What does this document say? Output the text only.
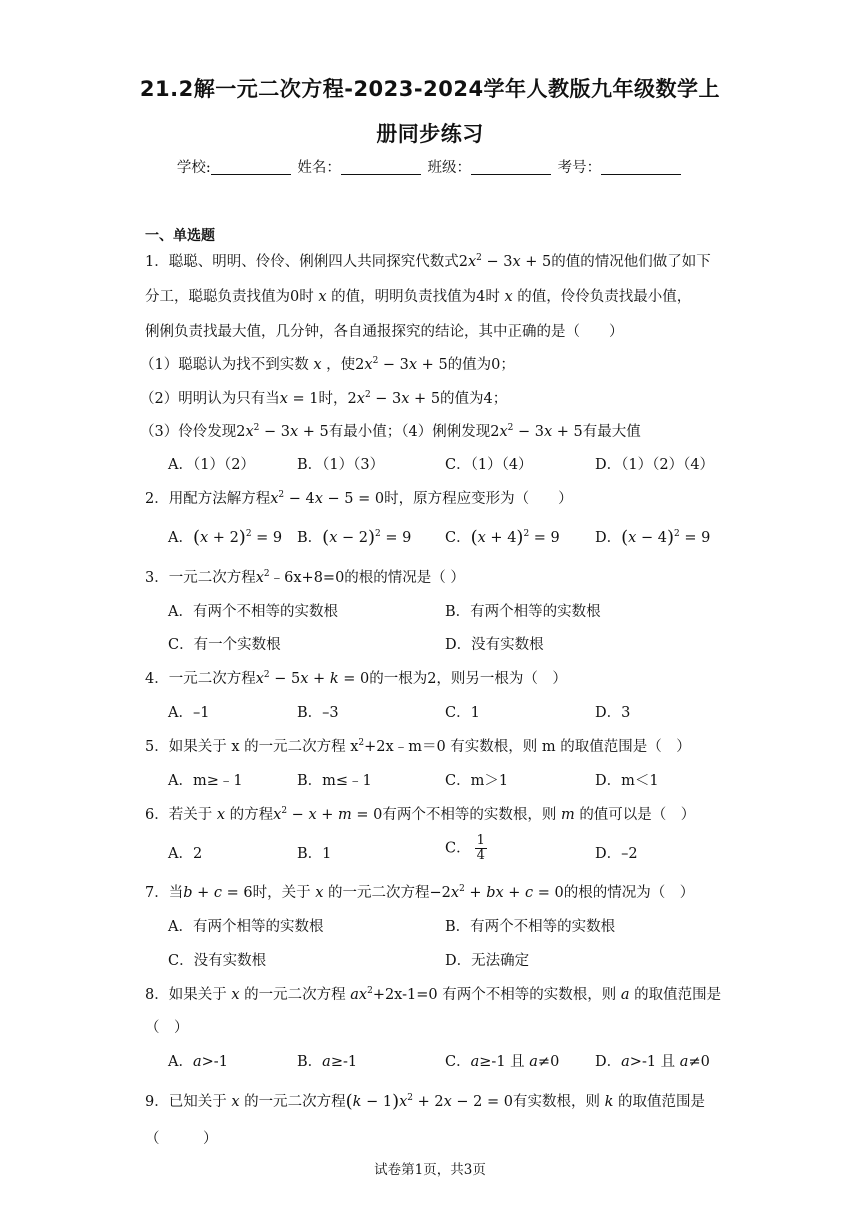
21.2解一元二次方程-2023-2024学年人教版九年级数学上
册同步练习
学校:	姓名：	班级：	考号：
一、单选题
1．聪聪、明明、伶伶、俐俐四人共同探究代数式$2x^2 - 3x + 5$的值的情况他们做了如下
分工，聪聪负责找值为0时 x 的值，明明负责找值为4时 x 的值，伶伶负责找最小值，
俐俐负责找最大值，几分钟，各自通报探究的结论，其中正确的是（　　）
（1）聪聪认为找不到实数 x ，使$2x^2 - 3x + 5$的值为0；
（2）明明认为只有当x = 1时，$2x^2 - 3x + 5$的值为4；
（3）伶伶发现$2x^2 - 3x + 5$有最小值；（4）俐俐发现$2x^2 - 3x + 5$有最大值
A．（1）（2）	B．（1）（3）	C．（1）（4）	D．（1）（2）（4）
2．用配方法解方程$x^2 - 4x - 5 = 0$时，原方程应变形为（　　）
A．$(x + 2)^2 = 9$ B．$(x - 2)^2 = 9$ C．$(x + 4)^2 = 9$ D．$(x - 4)^2 = 9$
3．一元二次方程$x^2﹣6x+8=0$的根的情况是（ ）
A．有两个不相等的实数根	B．有两个相等的实数根
C．有一个实数根	D．没有实数根
4．一元二次方程$x^2 - 5x + k = 0$的一根为2，则另一根为（　）
A．–1	B．–3	C．1	D．3
5．如果关于 x 的一元二次方程 $x^2+2x﹣m=0$ 有实数根，则 m 的取值范围是（　）
A．m≥﹣1	B．m≤﹣1	C．m＞1	D．m＜1
6．若关于 x 的方程$x^2 - x + m = 0$有两个不相等的实数根，则 m 的值可以是（　）
A．2	B．1	C． $\frac{1}{4}$	D．–2
7．当b + c = 6时，关于 x 的一元二次方程$-2x^2$ + bx + c = 0的根的情况为（　）
A．有两个相等的实数根	B．有两个不相等的实数根
C．没有实数根	D．无法确定
8．如果关于 x 的一元二次方程 $ax^2+2x-1=0$ 有两个不相等的实数根，则 a 的取值范围是
（　）
A．a>-1	B．a≥-1	C．a≥-1 且 a≠0 D．a>-1 且 a≠0
9．已知关于 x 的一元二次方程$(k - 1)x^2 + 2x - 2 = 0$有实数根，则 k 的取值范围是
（　　　）
试卷第1页，共3页
